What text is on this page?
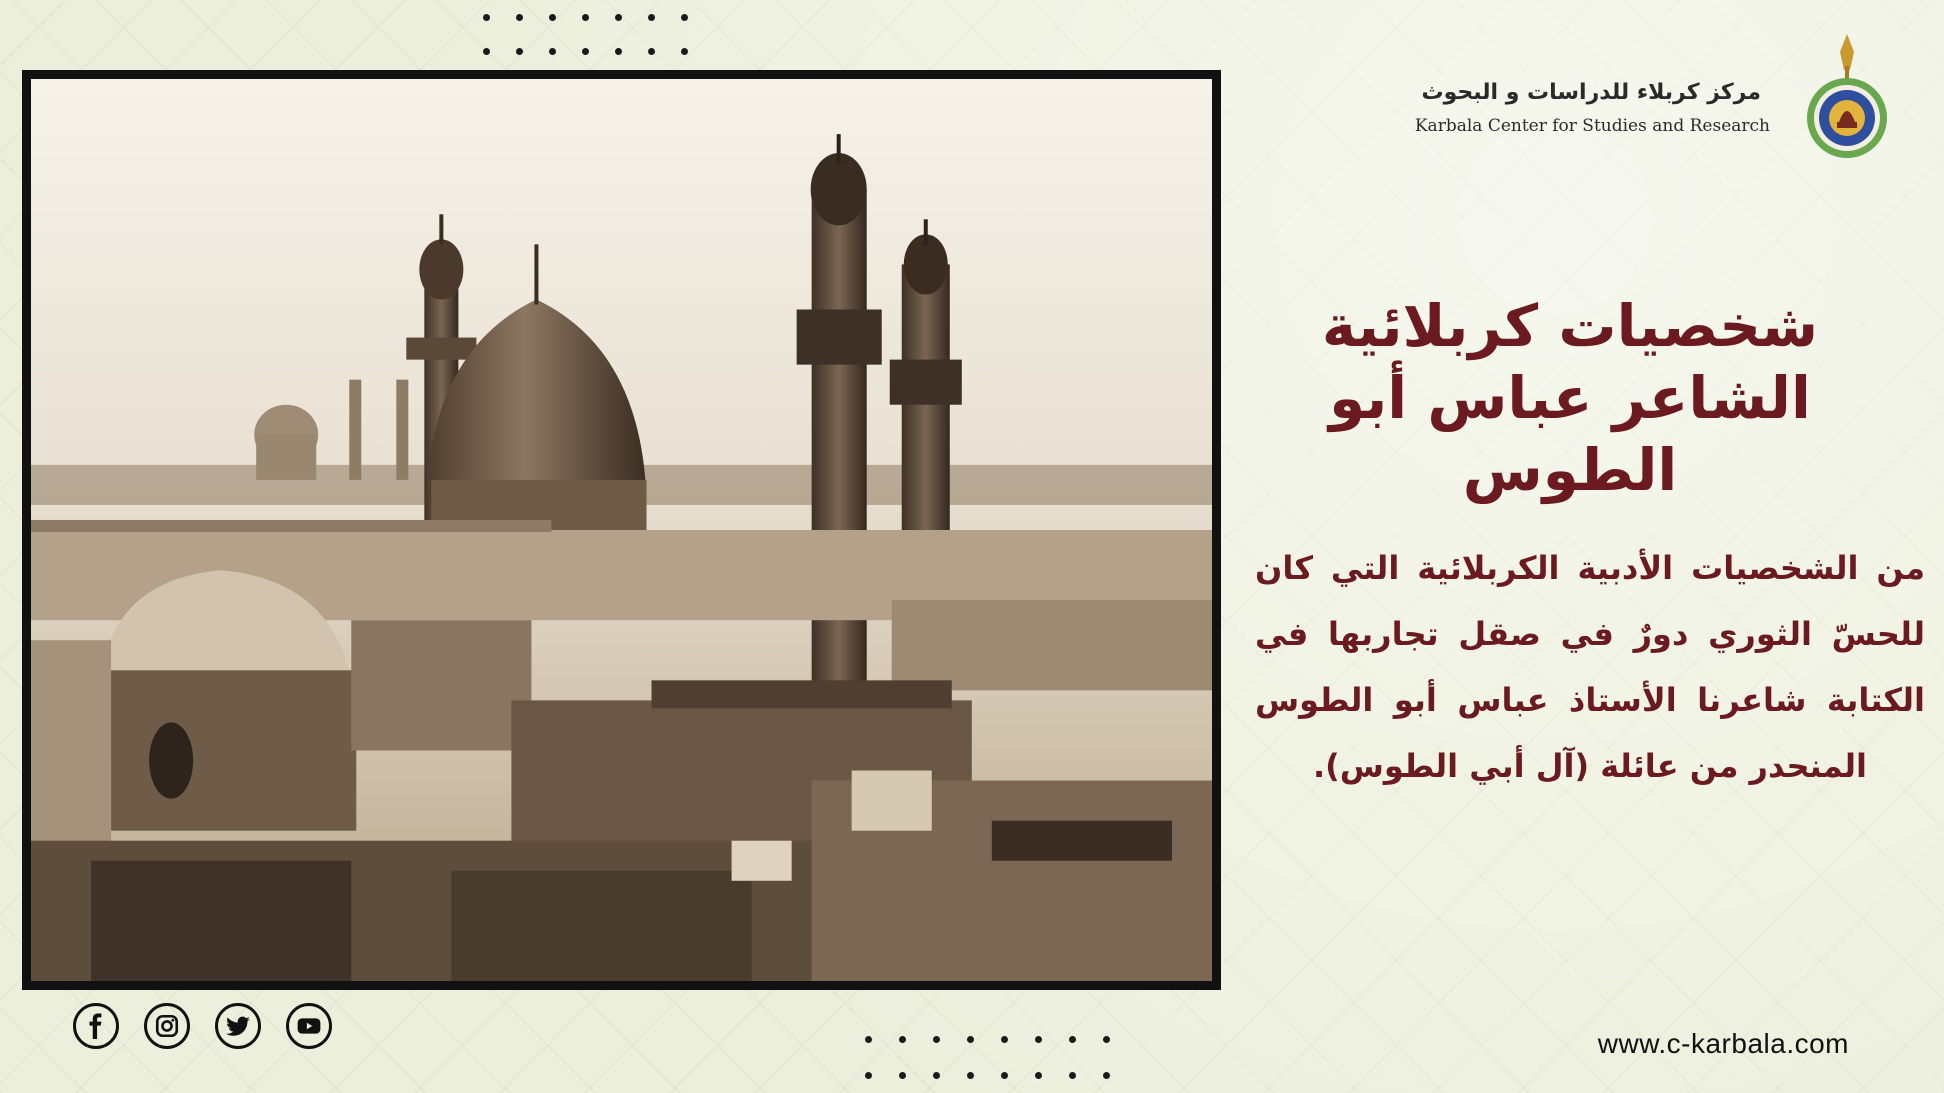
مركز كربلاء للدراسات و البحوث
Karbala Center for Studies and Research
شخصيات كربلائية
الشاعر عباس أبو الطوس
من الشخصيات الأدبية الكربلائية التي كان للحسّ الثوري دورٌ في صقل تجاربها في الكتابة شاعرنا الأستاذ عباس أبو الطوس المنحدر من عائلة (آل أبي الطوس).
www.c-karbala.com
